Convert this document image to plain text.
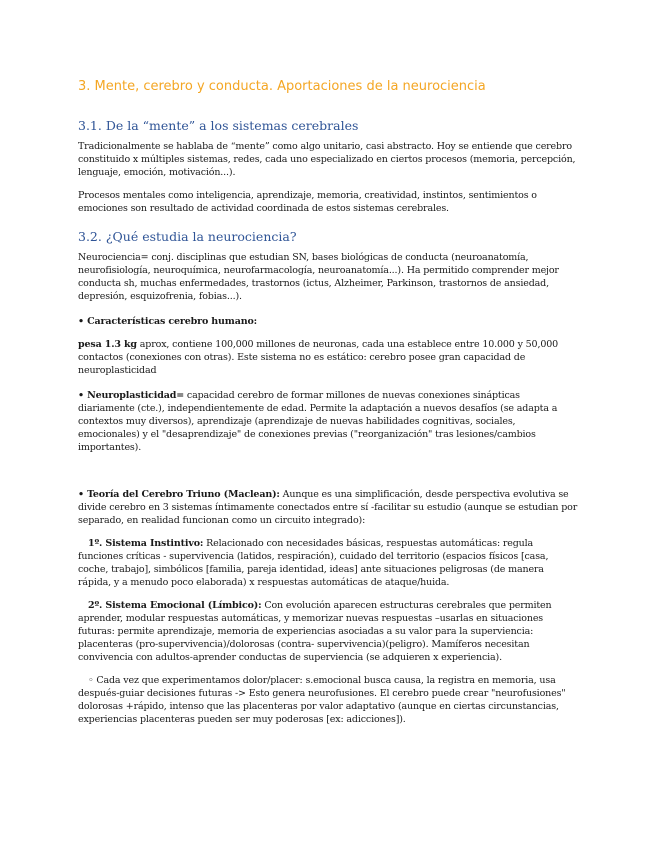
3. Mente, cerebro y conducta. Aportaciones de la neurociencia
3.1. De la “mente” a los sistemas cerebrales

Tradicionalmente se hablaba de “mente” como algo unitario, casi abstracto. Hoy se entiende que cerebro constituido x múltiples sistemas, redes, cada uno especializado en ciertos procesos (memoria, percepción, lenguaje, emoción, motivación...).

Procesos mentales como inteligencia, aprendizaje, memoria, creatividad, instintos, sentimientos o emociones son resultado de actividad coordinada de estos sistemas cerebrales.

3.2. ¿Qué estudia la neurociencia?

Neurociencia= conj. disciplinas que estudian SN, bases biológicas de conducta (neuroanatomía, neurofisiología, neuroquímica, neurofarmacología, neuroanatomía...). Ha permitido comprender mejor conducta sh, muchas enfermedades, trastornos (ictus, Alzheimer, Parkinson, trastornos de ansiedad, depresión, esquizofrenia, fobias...).

• Características cerebro humano:

pesa 1.3 kg aprox, contiene 100,000 millones de neuronas, cada una establece entre 10.000 y 50,000 contactos (conexiones con otras). Este sistema no es estático: cerebro posee gran capacidad de neuroplasticidad

• Neuroplasticidad= capacidad cerebro de formar millones de nuevas conexiones sinápticas diariamente (cte.), independientemente de edad. Permite la adaptación a nuevos desafíos (se adapta a contextos muy diversos), aprendizaje (aprendizaje de nuevas habilidades cognitivas, sociales, emocionales) y el "desaprendizaje" de conexiones previas ("reorganización" tras lesiones/cambios importantes).

• Teoría del Cerebro Triuno (Maclean): Aunque es una simplificación, desde perspectiva evolutiva se divide cerebro en 3 sistemas íntimamente conectados entre sí -facilitar su estudio (aunque se estudian por separado, en realidad funcionan como un circuito integrado):

1º. Sistema Instintivo: Relacionado con necesidades básicas, respuestas automáticas: regula funciones críticas - supervivencia (latidos, respiración), cuidado del territorio (espacios físicos [casa, coche, trabajo], simbólicos [familia, pareja identidad, ideas] ante situaciones peligrosas (de manera rápida, y a menudo poco elaborada) x respuestas automáticas de ataque/huida.

2º. Sistema Emocional (Límbico): Con evolución aparecen estructuras cerebrales que permiten aprender, modular respuestas automáticas, y memorizar nuevas respuestas –usarlas en situaciones futuras: permite aprendizaje, memoria de experiencias asociadas a su valor para la superviencia: placenteras (pro-supervivencia)/dolorosas (contra- supervivencia)(peligro). Mamíferos necesitan convivencia con adultos-aprender conductas de superviencia (se adquieren x experiencia).

◦ Cada vez que experimentamos dolor/placer: s.emocional busca causa, la registra en memoria, usa después-guiar decisiones futuras -> Esto genera neurofusiones. El cerebro puede crear "neurofusiones" dolorosas +rápido, intenso que las placenteras por valor adaptativo (aunque en ciertas circunstancias, experiencias placenteras pueden ser muy poderosas [ex: adicciones]).
